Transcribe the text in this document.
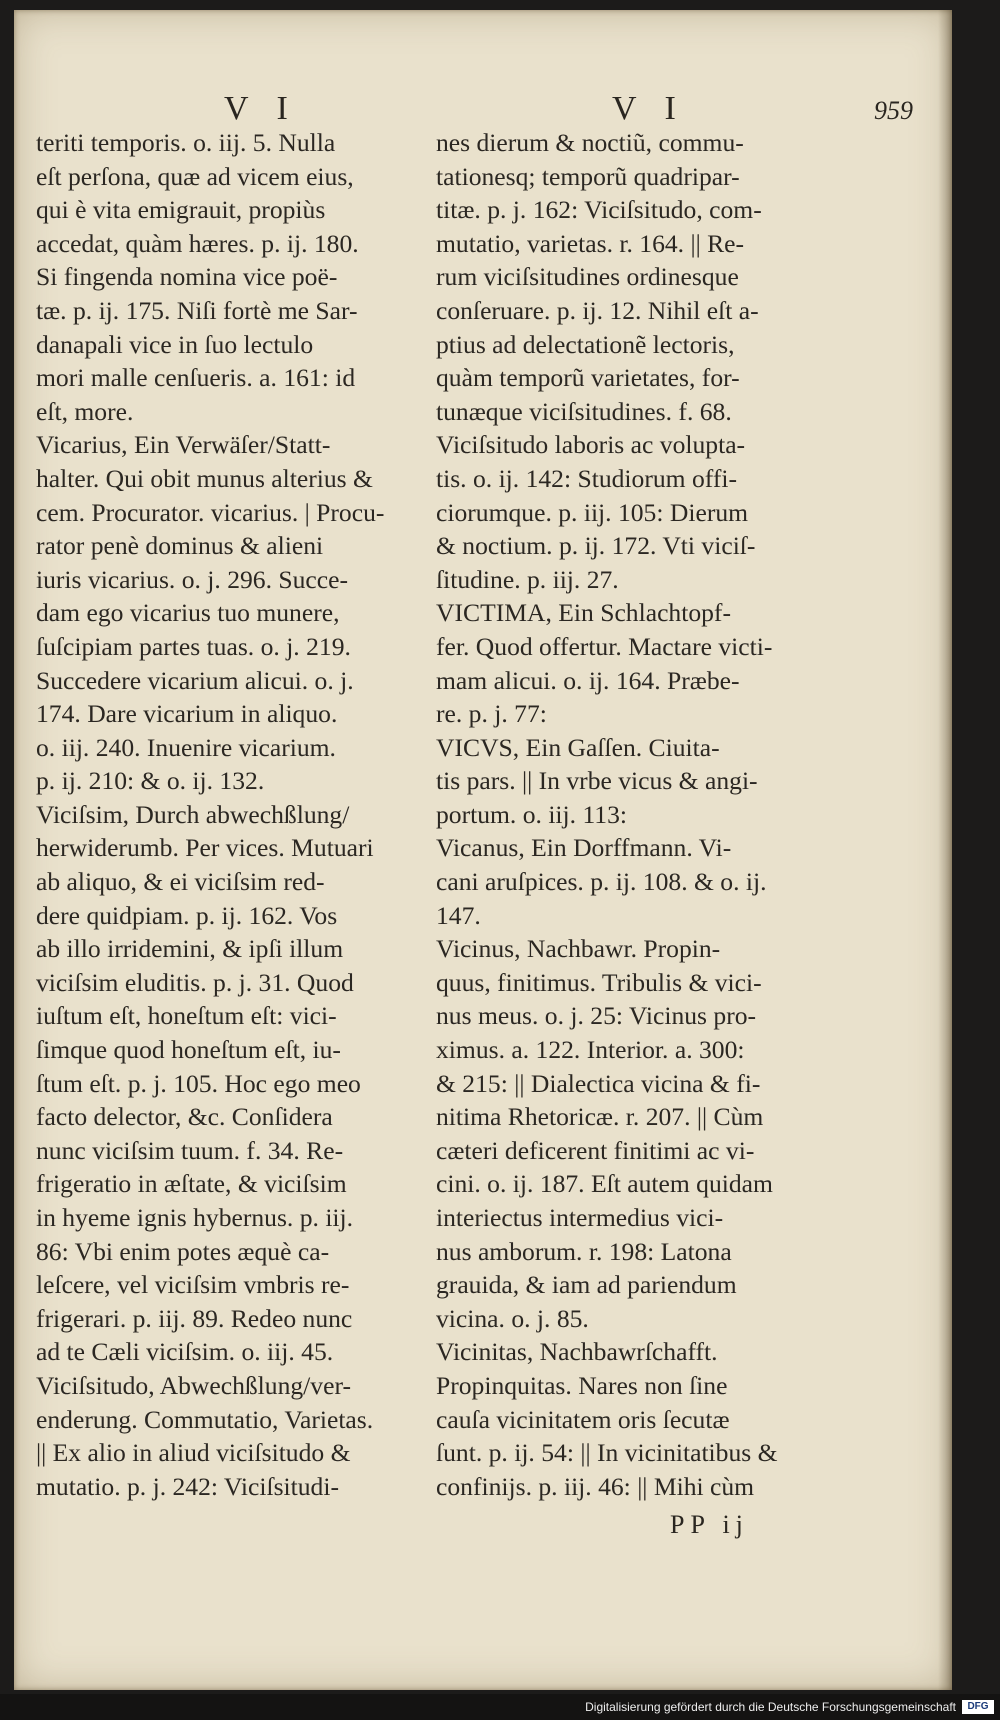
V I	V I	959
teriti temporis. o. iij. 5. Nulla
eſt perſona, quæ ad vicem eius,
qui è vita emigrauit, propiùs
accedat, quàm hæres. p. ij. 180.
Si fingenda nomina vice poë-
tæ. p. ij. 175. Niſi fortè me Sar-
danapali vice in ſuo lectulo
mori malle cenſueris. a. 161: id
eſt, more.
Vicarius, Ein Verwäſer/Statt-
halter. Qui obit munus alterius &
cem. Procurator. vicarius. | Procu-
rator penè dominus & alieni
iuris vicarius. o. j. 296. Succe-
dam ego vicarius tuo munere,
ſuſcipiam partes tuas. o. j. 219.
Succedere vicarium alicui. o. j.
174. Dare vicarium in aliquo.
o. iij. 240. Inuenire vicarium.
p. ij. 210: & o. ij. 132.
Viciſsim, Durch abwechßlung/
herwiderumb. Per vices. Mutuari
ab aliquo, & ei viciſsim red-
dere quidpiam. p. ij. 162. Vos
ab illo irridemini, & ipſi illum
viciſsim eluditis. p. j. 31. Quod
iuſtum eſt, honeſtum eſt: vici-
ſimque quod honeſtum eſt, iu-
ſtum eſt. p. j. 105. Hoc ego meo
facto delector, &c. Conſidera
nunc viciſsim tuum. f. 34. Re-
frigeratio in æſtate, & viciſsim
in hyeme ignis hybernus. p. iij.
86: Vbi enim potes æquè ca-
leſcere, vel viciſsim vmbris re-
frigerari. p. iij. 89. Redeo nunc
ad te Cæli viciſsim. o. iij. 45.
Viciſsitudo, Abwechßlung/ver-
enderung. Commutatio, Varietas.
|| Ex alio in aliud viciſsitudo &
mutatio. p. j. 242: Viciſsitudi-
nes dierum & noctiũ, commu-
tationesq; temporũ quadripar-
titæ. p. j. 162: Viciſsitudo, com-
mutatio, varietas. r. 164. || Re-
rum viciſsitudines ordinesque
conſeruare. p. ij. 12. Nihil eſt a-
ptius ad delectationẽ lectoris,
quàm temporũ varietates, for-
tunæque viciſsitudines. f. 68.
Viciſsitudo laboris ac volupta-
tis. o. ij. 142: Studiorum offi-
ciorumque. p. iij. 105: Dierum
& noctium. p. ij. 172. Vti viciſ-
ſitudine. p. iij. 27.
VICTIMA, Ein Schlachtopf-
fer. Quod offertur. Mactare victi-
mam alicui. o. ij. 164. Præbe-
re. p. j. 77:
VICVS, Ein Gaſſen. Ciuita-
tis pars. || In vrbe vicus & angi-
portum. o. iij. 113:
Vicanus, Ein Dorffmann. Vi-
cani aruſpices. p. ij. 108. & o. ij.
147.
Vicinus, Nachbawr. Propin-
quus, finitimus. Tribulis & vici-
nus meus. o. j. 25: Vicinus pro-
ximus. a. 122. Interior. a. 300:
& 215: || Dialectica vicina & fi-
nitima Rhetoricæ. r. 207. || Cùm
cæteri deficerent finitimi ac vi-
cini. o. ij. 187. Eſt autem quidam
interiectus intermedius vici-
nus amborum. r. 198: Latona
grauida, & iam ad pariendum
vicina. o. j. 85.
Vicinitas, Nachbawrſchafft.
Propinquitas. Nares non ſine
cauſa vicinitatem oris ſecutæ
ſunt. p. ij. 54: || In vicinitatibus &
confinijs. p. iij. 46: || Mihi cùm
PP ij
Digitalisierung gefördert durch die Deutsche Forschungsgemeinschaft	DFG
